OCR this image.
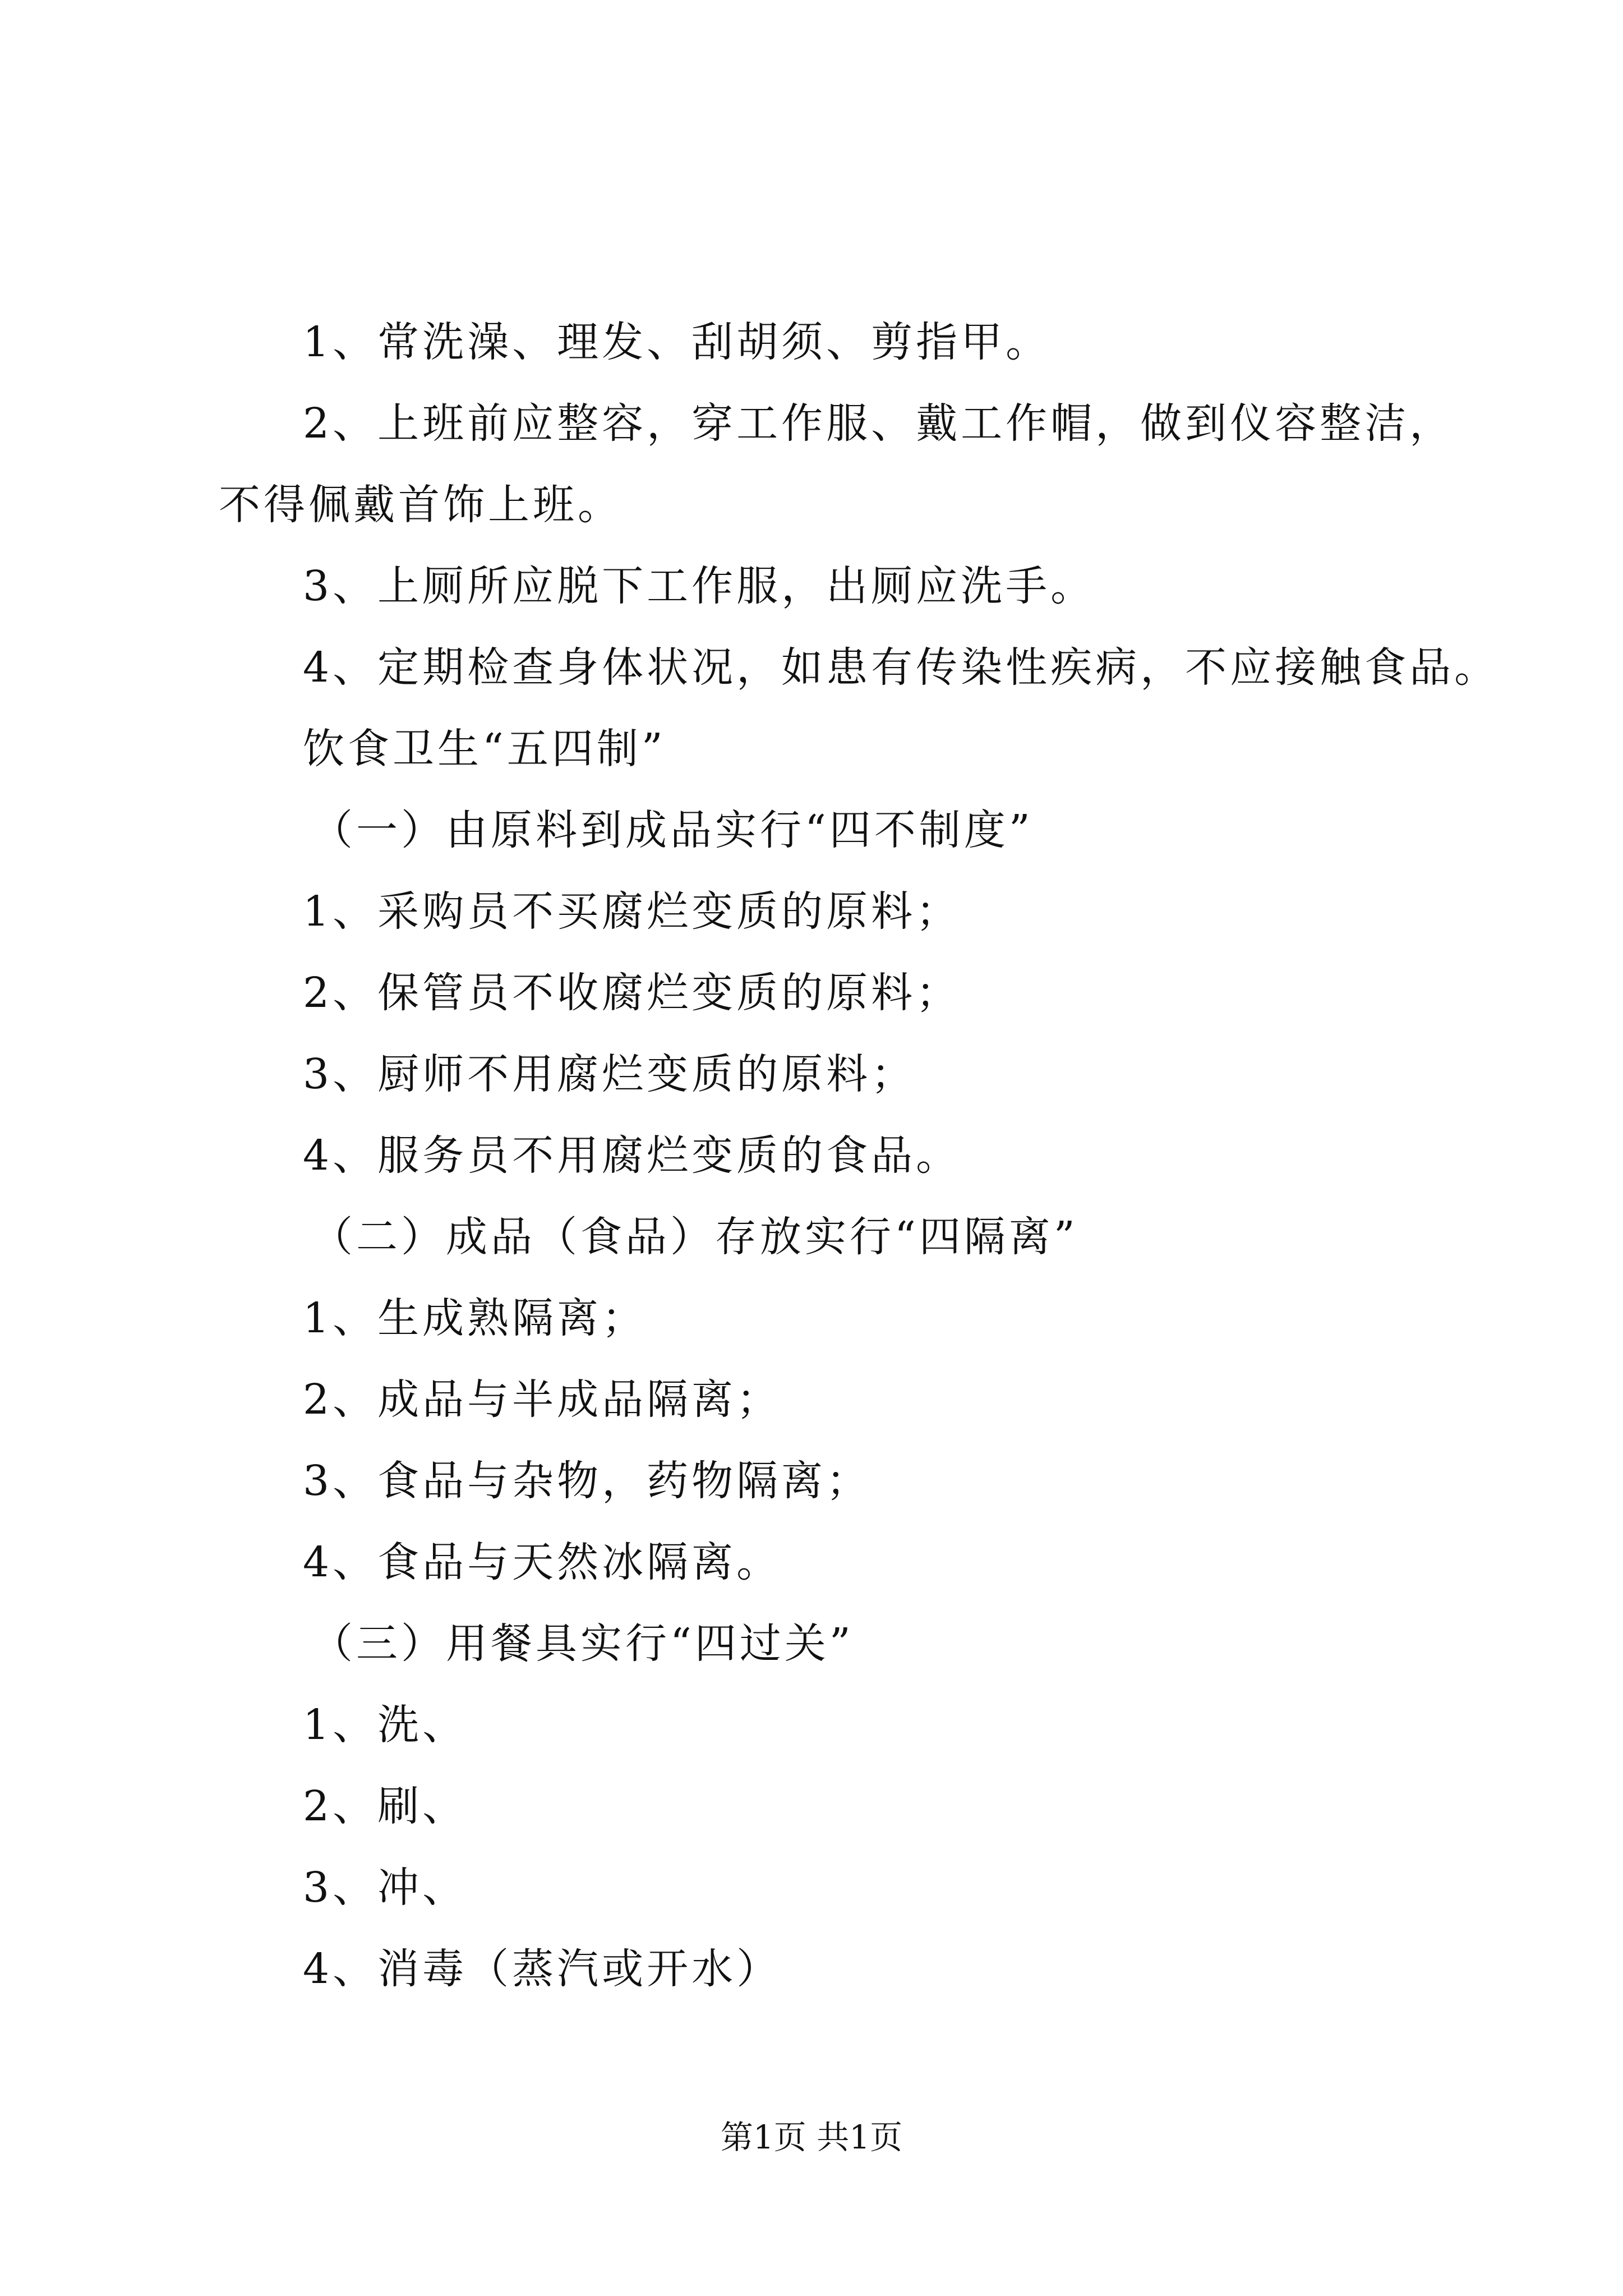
1、常洗澡、理发、刮胡须、剪指甲。
2、上班前应整容，穿工作服、戴工作帽，做到仪容整洁，
不得佩戴首饰上班。
3、上厕所应脱下工作服，出厕应洗手。
4、定期检查身体状况，如患有传染性疾病，不应接触食品。
饮食卫生“五四制”
（一）由原料到成品实行“四不制度”
1、采购员不买腐烂变质的原料；
2、保管员不收腐烂变质的原料；
3、厨师不用腐烂变质的原料；
4、服务员不用腐烂变质的食品。
（二）成品（食品）存放实行“四隔离”
1、生成熟隔离；
2、成品与半成品隔离；
3、食品与杂物，药物隔离；
4、食品与天然冰隔离。
（三）用餐具实行“四过关”
1、洗、
2、刷、
3、冲、
4、消毒（蒸汽或开水）
第1页 共1页
